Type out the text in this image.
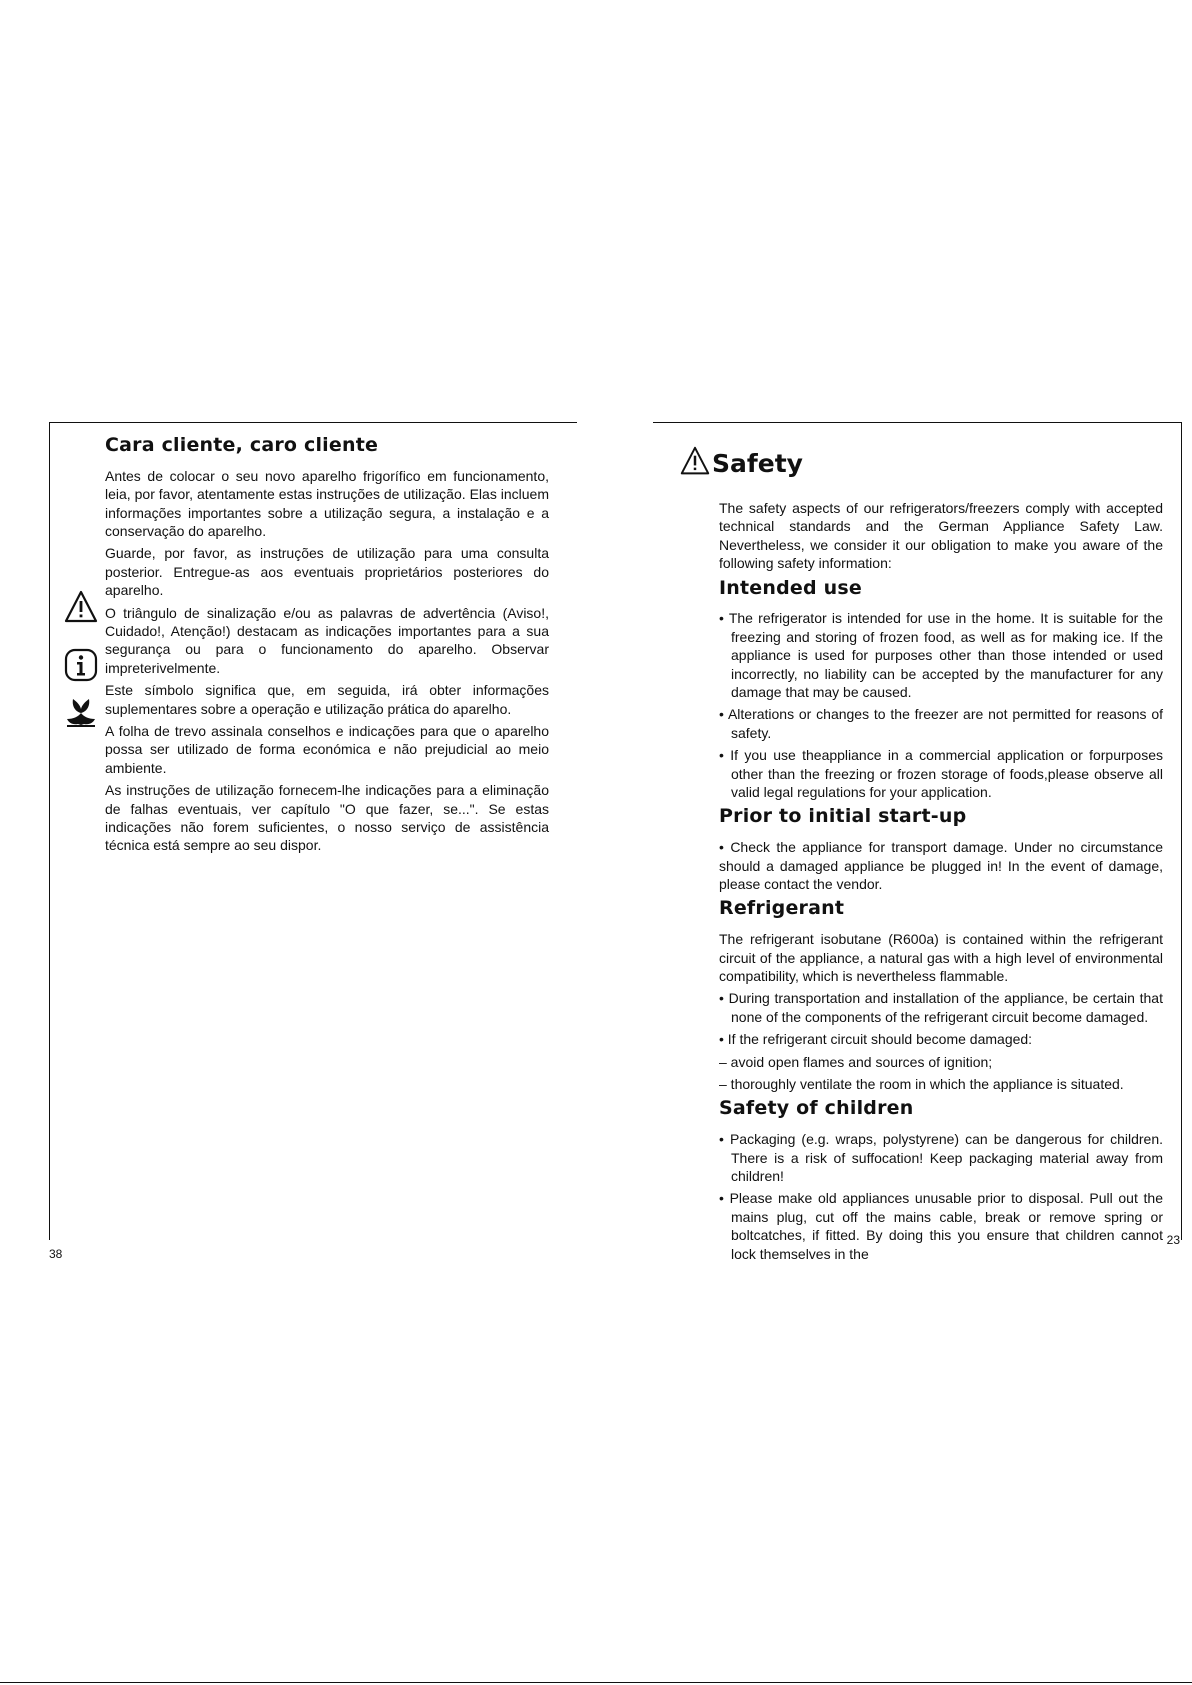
Cara cliente, caro cliente

Antes de colocar o seu novo aparelho frigorífico em funcionamento, leia, por favor, atentamente estas instruções de utilização. Elas incluem informações importantes sobre a utilização segura, a instalação e a conservação do aparelho.

Guarde, por favor, as instruções de utilização para uma consulta posterior. Entregue-as aos eventuais proprietários posteriores do aparelho.

O triângulo de sinalização e/ou as palavras de advertência (Aviso!, Cuidado!, Atenção!) destacam as indicações importantes para a sua segurança ou para o funcionamento do aparelho. Observar impreterivelmente.

Este símbolo significa que, em seguida, irá obter informações suplementares sobre a operação e utilização prática do aparelho.

A folha de trevo assinala conselhos e indicações para que o aparelho possa ser utilizado de forma económica e não prejudicial ao meio ambiente.

As instruções de utilização fornecem-lhe indicações para a eliminação de falhas eventuais, ver capítulo "O que fazer, se...". Se estas indicações não forem suficientes, o nosso serviço de assistência técnica está sempre ao seu dispor.

38
Safety

The safety aspects of our refrigerators/freezers comply with accepted technical standards and the German Appliance Safety Law. Nevertheless, we consider it our obligation to make you aware of the following safety information:

Intended use

• The refrigerator is intended for use in the home. It is suitable for the freezing and storing of frozen food, as well as for making ice. If the appliance is used for purposes other than those intended or used incorrectly, no liability can be accepted by the manufacturer for any damage that may be caused.

• Alterations or changes to the freezer are not permitted for reasons of safety.

• If you use theappliance in a commercial application or forpurposes other than the freezing or frozen storage of foods,please observe all valid legal regulations for your application.

Prior to initial start-up

• Check the appliance for transport damage. Under no circumstance should a damaged appliance be plugged in! In the event of damage, please contact the vendor.

Refrigerant

The refrigerant isobutane (R600a) is contained within the refrigerant circuit of the appliance, a natural gas with a high level of environmental compatibility, which is nevertheless flammable.

• During transportation and installation of the appliance, be certain that none of the components of the refrigerant circuit become damaged.

• If the refrigerant circuit should become damaged:

– avoid open flames and sources of ignition;

– thoroughly ventilate the room in which the appliance is situated.

Safety of children

• Packaging (e.g. wraps, polystyrene) can be dangerous for children. There is a risk of suffocation! Keep packaging material away from children!

• Please make old appliances unusable prior to disposal. Pull out the mains plug, cut off the mains cable, break or remove spring or boltcatches, if fitted. By doing this you ensure that children cannot lock themselves in the

23
